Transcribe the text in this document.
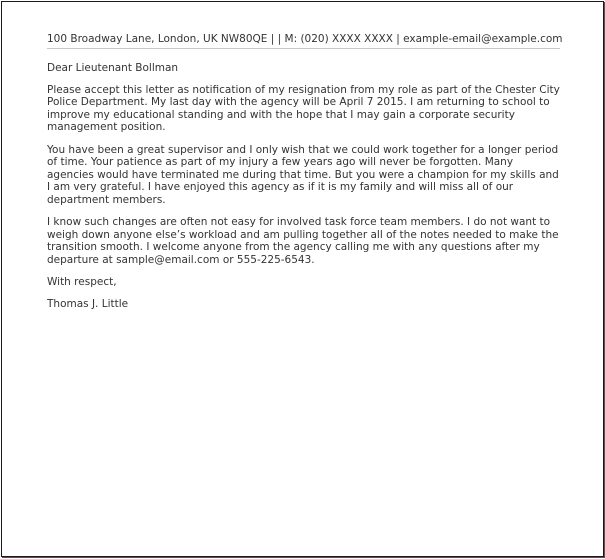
100 Broadway Lane, London, UK NW80QE | | M: (020) XXXX XXXX | example-email@example.com

Dear Lieutenant Bollman

Please accept this letter as notification of my resignation from my role as part of the Chester City Police Department. My last day with the agency will be April 7 2015. I am returning to school to improve my educational standing and with the hope that I may gain a corporate security management position.

You have been a great supervisor and I only wish that we could work together for a longer period of time. Your patience as part of my injury a few years ago will never be forgotten. Many agencies would have terminated me during that time. But you were a champion for my skills and I am very grateful. I have enjoyed this agency as if it is my family and will miss all of our department members.

I know such changes are often not easy for involved task force team members. I do not want to weigh down anyone else’s workload and am pulling together all of the notes needed to make the transition smooth. I welcome anyone from the agency calling me with any questions after my departure at sample@email.com or 555-225-6543.

With respect,

Thomas J. Little
